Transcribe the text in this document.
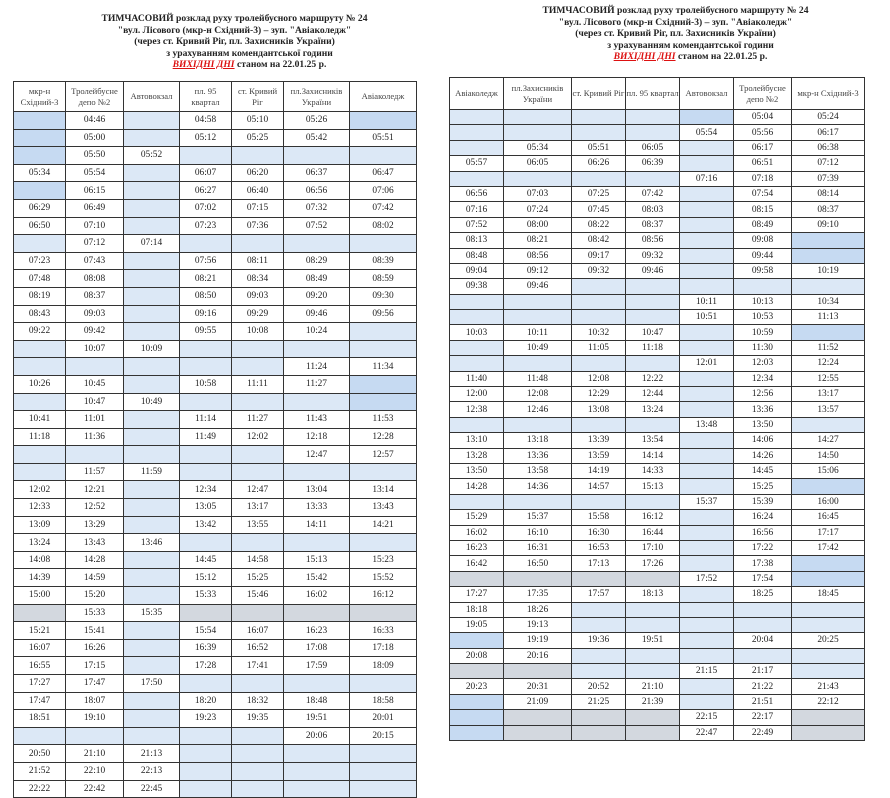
ТИМЧАСОВИЙ розклад руху тролейбусного маршруту № 24
"вул. Лісового (мкр-н Східний-3) – зуп. "Авіаколедж"
(через ст. Кривий Ріг, пл. Захисників України)
з урахуванням комендантської години
ВИХІДНІ ДНІ станом на 22.01.25 р.
мкр-н Східний-3	Тролейбусне депо №2	Автовокзал	пл. 95 квартал	ст. Кривий Ріг	пл.Захисників України	Авіаколедж
	04:46		04:58	05:10	05:26	
	05:00		05:12	05:25	05:42	05:51
	05:50	05:52				
05:34	05:54		06:07	06:20	06:37	06:47
	06:15		06:27	06:40	06:56	07:06
06:29	06:49		07:02	07:15	07:32	07:42
06:50	07:10		07:23	07:36	07:52	08:02
	07:12	07:14				
07:23	07:43		07:56	08:11	08:29	08:39
07:48	08:08		08:21	08:34	08:49	08:59
08:19	08:37		08:50	09:03	09:20	09:30
08:43	09:03		09:16	09:29	09:46	09:56
09:22	09:42		09:55	10:08	10:24	
	10:07	10:09				
					11:24	11:34
10:26	10:45		10:58	11:11	11:27	
	10:47	10:49				
10:41	11:01		11:14	11:27	11:43	11:53
11:18	11:36		11:49	12:02	12:18	12:28
					12:47	12:57
	11:57	11:59				
12:02	12:21		12:34	12:47	13:04	13:14
12:33	12:52		13:05	13:17	13:33	13:43
13:09	13:29		13:42	13:55	14:11	14:21
13:24	13:43	13:46				
14:08	14:28		14:45	14:58	15:13	15:23
14:39	14:59		15:12	15:25	15:42	15:52
15:00	15:20		15:33	15:46	16:02	16:12
	15:33	15:35				
15:21	15:41		15:54	16:07	16:23	16:33
16:07	16:26		16:39	16:52	17:08	17:18
16:55	17:15		17:28	17:41	17:59	18:09
17:27	17:47	17:50				
17:47	18:07		18:20	18:32	18:48	18:58
18:51	19:10		19:23	19:35	19:51	20:01
					20:06	20:15
20:50	21:10	21:13				
21:52	22:10	22:13				
22:22	22:42	22:45				
ТИМЧАСОВИЙ розклад руху тролейбусного маршруту № 24
"вул. Лісового (мкр-н Східний-3) – зуп. "Авіаколедж"
(через ст. Кривий Ріг, пл. Захисників України)
з урахуванням комендантської години
ВИХІДНІ ДНІ станом на 22.01.25 р.
Авіаколедж	пл.Захисників України	ст. Кривий Ріг	пл. 95 квартал	Автовокзал	Тролейбусне депо №2	мкр-н Східний-3
					05:04	05:24
				05:54	05:56	06:17
	05:34	05:51	06:05		06:17	06:38
05:57	06:05	06:26	06:39		06:51	07:12
				07:16	07:18	07:39
06:56	07:03	07:25	07:42		07:54	08:14
07:16	07:24	07:45	08:03		08:15	08:37
07:52	08:00	08:22	08:37		08:49	09:10
08:13	08:21	08:42	08:56		09:08	
08:48	08:56	09:17	09:32		09:44	
09:04	09:12	09:32	09:46		09:58	10:19
09:38	09:46					
				10:11	10:13	10:34
				10:51	10:53	11:13
10:03	10:11	10:32	10:47		10:59	
	10:49	11:05	11:18		11:30	11:52
				12:01	12:03	12:24
11:40	11:48	12:08	12:22		12:34	12:55
12:00	12:08	12:29	12:44		12:56	13:17
12:38	12:46	13:08	13:24		13:36	13:57
				13:48	13:50	
13:10	13:18	13:39	13:54		14:06	14:27
13:28	13:36	13:59	14:14		14:26	14:50
13:50	13:58	14:19	14:33		14:45	15:06
14:28	14:36	14:57	15:13		15:25	
				15:37	15:39	16:00
15:29	15:37	15:58	16:12		16:24	16:45
16:02	16:10	16:30	16:44		16:56	17:17
16:23	16:31	16:53	17:10		17:22	17:42
16:42	16:50	17:13	17:26		17:38	
				17:52	17:54	
17:27	17:35	17:57	18:13		18:25	18:45
18:18	18:26					
19:05	19:13					
	19:19	19:36	19:51		20:04	20:25
20:08	20:16					
				21:15	21:17	
20:23	20:31	20:52	21:10		21:22	21:43
	21:09	21:25	21:39		21:51	22:12
				22:15	22:17	
				22:47	22:49	
